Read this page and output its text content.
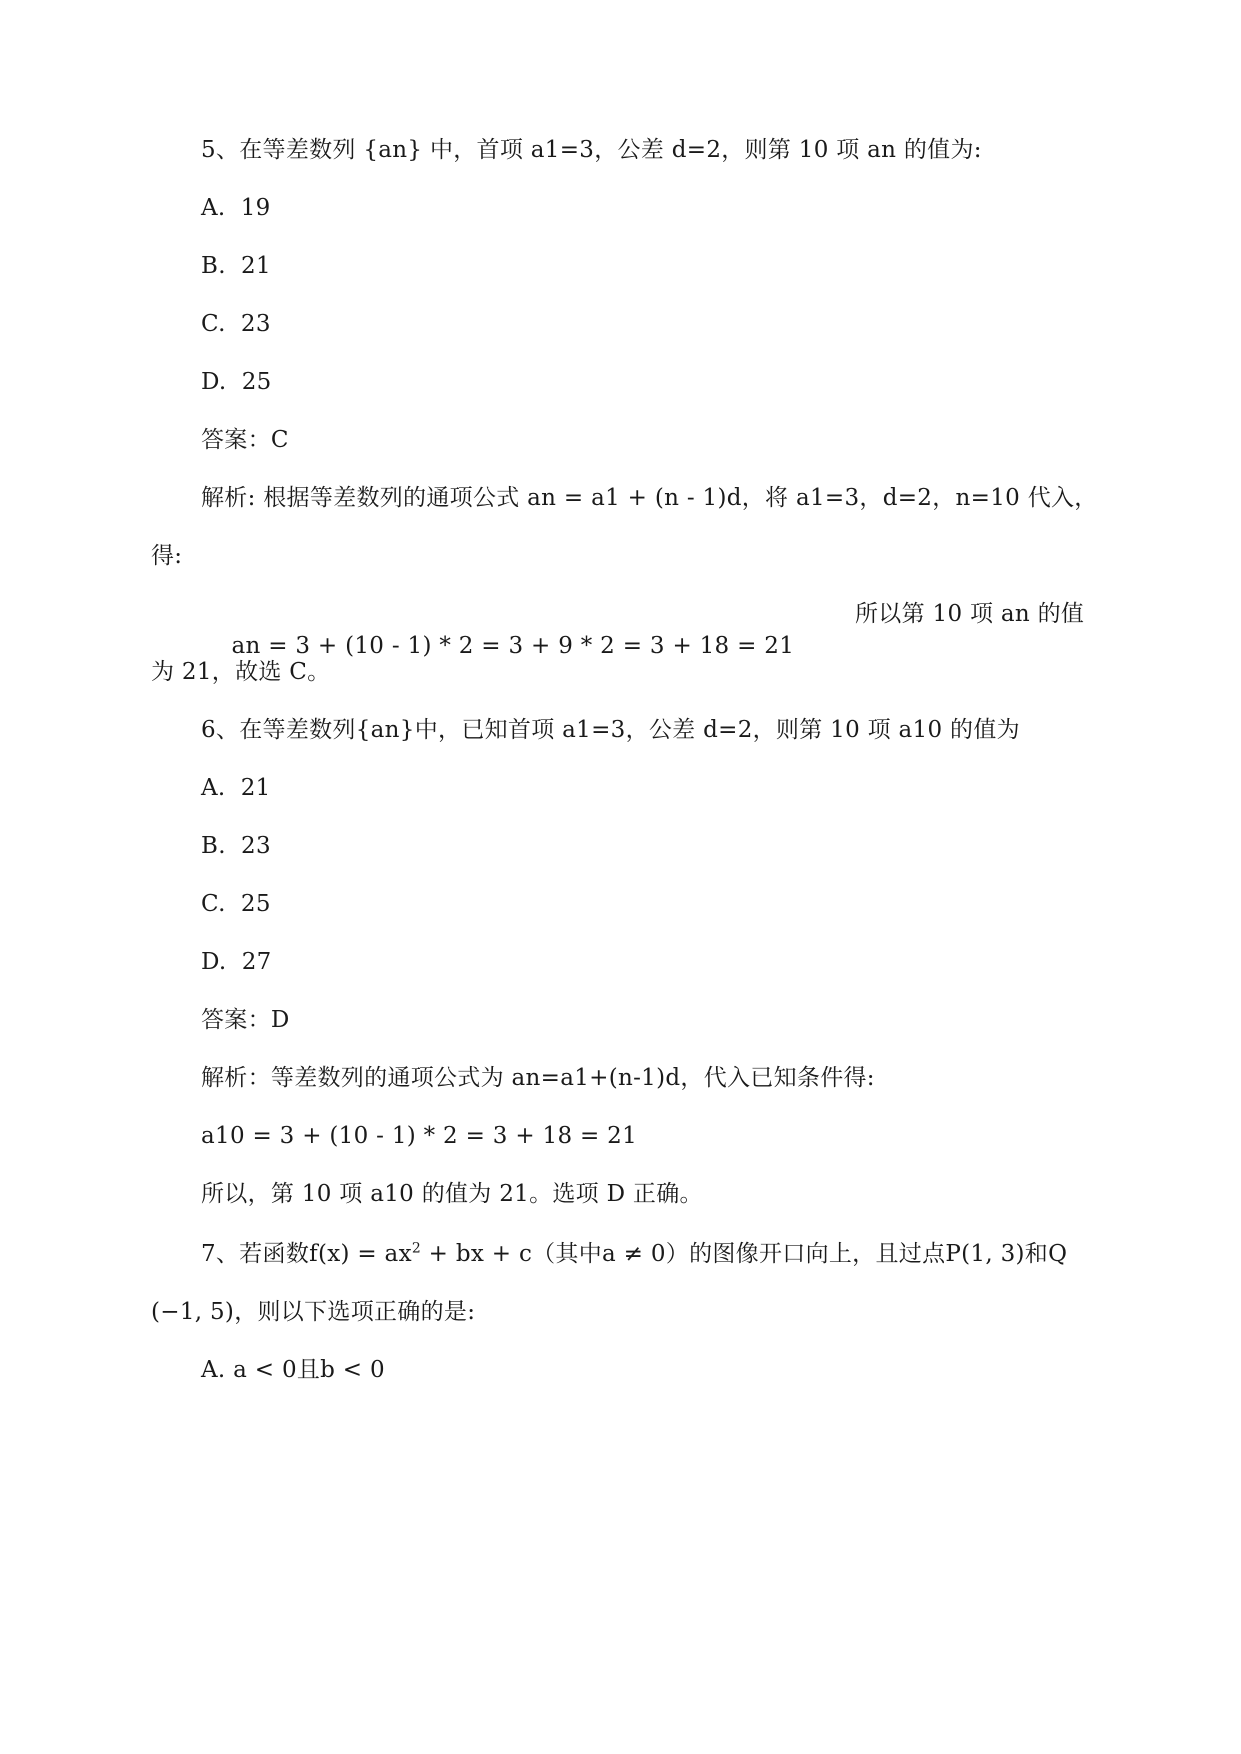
5、在等差数列 {an} 中，首项 a1=3，公差 d=2，则第 10 项 an 的值为:
A.  19
B.  21
C.  23
D.  25
答案：C
解析: 根据等差数列的通项公式 an = a1 + (n - 1)d，将 a1=3，d=2，n=10 代入，
得:

an = 3 + (10 - 1) * 2 = 3 + 9 * 2 = 3 + 18 = 21

所以第 10 项 an 的值

为 21，故选 C。
6、在等差数列{an}中，已知首项 a1=3，公差 d=2，则第 10 项 a10 的值为
A.  21
B.  23
C.  25
D.  27
答案：D
解析：等差数列的通项公式为 an=a1+(n-1)d，代入已知条件得:
a10 = 3 + (10 - 1) * 2 = 3 + 18 = 21
所以，第 10 项 a10 的值为 21。选项 D 正确。
7、若函数$f(x) = ax^2$ + bx + c（其中a ≠ 0）的图像开口向上，且过点P(1, 3)和Q
(−1, 5)，则以下选项正确的是:
A. a < 0且b < 0
